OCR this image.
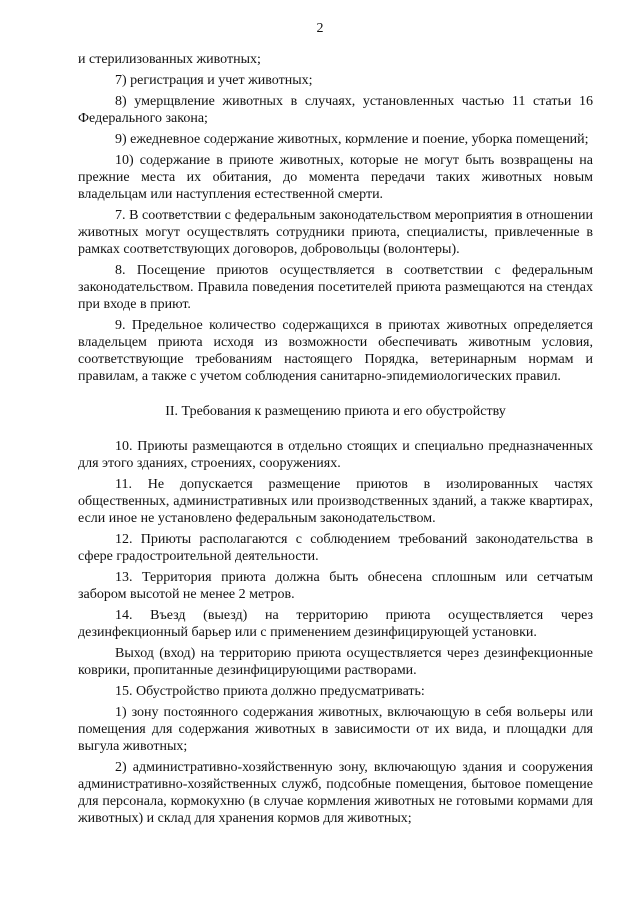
2

и стерилизованных животных;

7) регистрация и учет животных;

8) умерщвление животных в случаях, установленных частью 11 статьи 16 Федерального закона;

9) ежедневное содержание животных, кормление и поение, уборка помещений;

10) содержание в приюте животных, которые не могут быть возвращены на прежние места их обитания, до момента передачи таких животных новым владельцам или наступления естественной смерти.

7. В соответствии с федеральным законодательством мероприятия в отношении животных могут осуществлять сотрудники приюта, специалисты, привлеченные в рамках соответствующих договоров, добровольцы (волонтеры).

8. Посещение приютов осуществляется в соответствии с федеральным законодательством. Правила поведения посетителей приюта размещаются на стендах при входе в приют.

9. Предельное количество содержащихся в приютах животных определяется владельцем приюта исходя из возможности обеспечивать животным условия, соответствующие требованиям настоящего Порядка, ветеринарным нормам и правилам, а также с учетом соблюдения санитарно-эпидемиологических правил.

II. Требования к размещению приюта и его обустройству

10. Приюты размещаются в отдельно стоящих и специально предназначенных для этого зданиях, строениях, сооружениях.

11. Не допускается размещение приютов в изолированных частях общественных, административных или производственных зданий, а также квартирах, если иное не установлено федеральным законодательством.

12. Приюты располагаются с соблюдением требований законодательства в сфере градостроительной деятельности.

13. Территория приюта должна быть обнесена сплошным или сетчатым забором высотой не менее 2 метров.

14. Въезд (выезд) на территорию приюта осуществляется через дезинфекционный барьер или с применением дезинфицирующей установки.

Выход (вход) на территорию приюта осуществляется через дезинфекционные коврики, пропитанные дезинфицирующими растворами.

15. Обустройство приюта должно предусматривать:

1) зону постоянного содержания животных, включающую в себя вольеры или помещения для содержания животных в зависимости от их вида, и площадки для выгула животных;

2) административно-хозяйственную зону, включающую здания и сооружения административно-хозяйственных служб, подсобные помещения, бытовое помещение для персонала, кормокухню (в случае кормления животных не готовыми кормами для животных) и склад для хранения кормов для животных;
